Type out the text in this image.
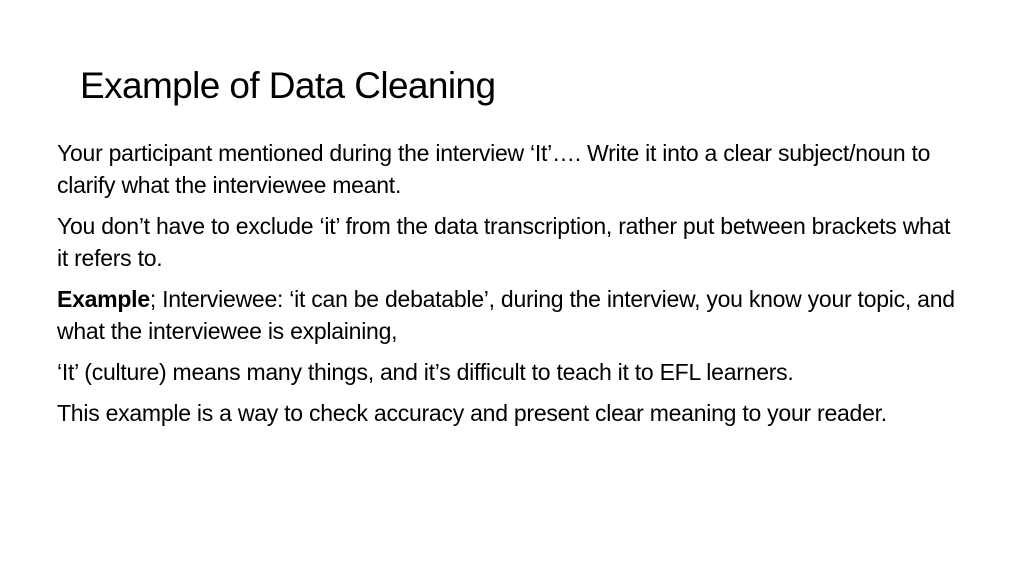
Example of Data Cleaning

Your participant mentioned during the interview ‘It’…. Write it into a clear subject/noun to clarify what the interviewee meant.

You don’t have to exclude ‘it’ from the data transcription, rather put between brackets what it refers to.

Example; Interviewee: ‘it can be debatable’, during the interview, you know your topic, and what the interviewee is explaining,

‘It’ (culture) means many things, and it’s difficult to teach it to EFL learners.

This example is a way to check accuracy and present clear meaning to your reader.
